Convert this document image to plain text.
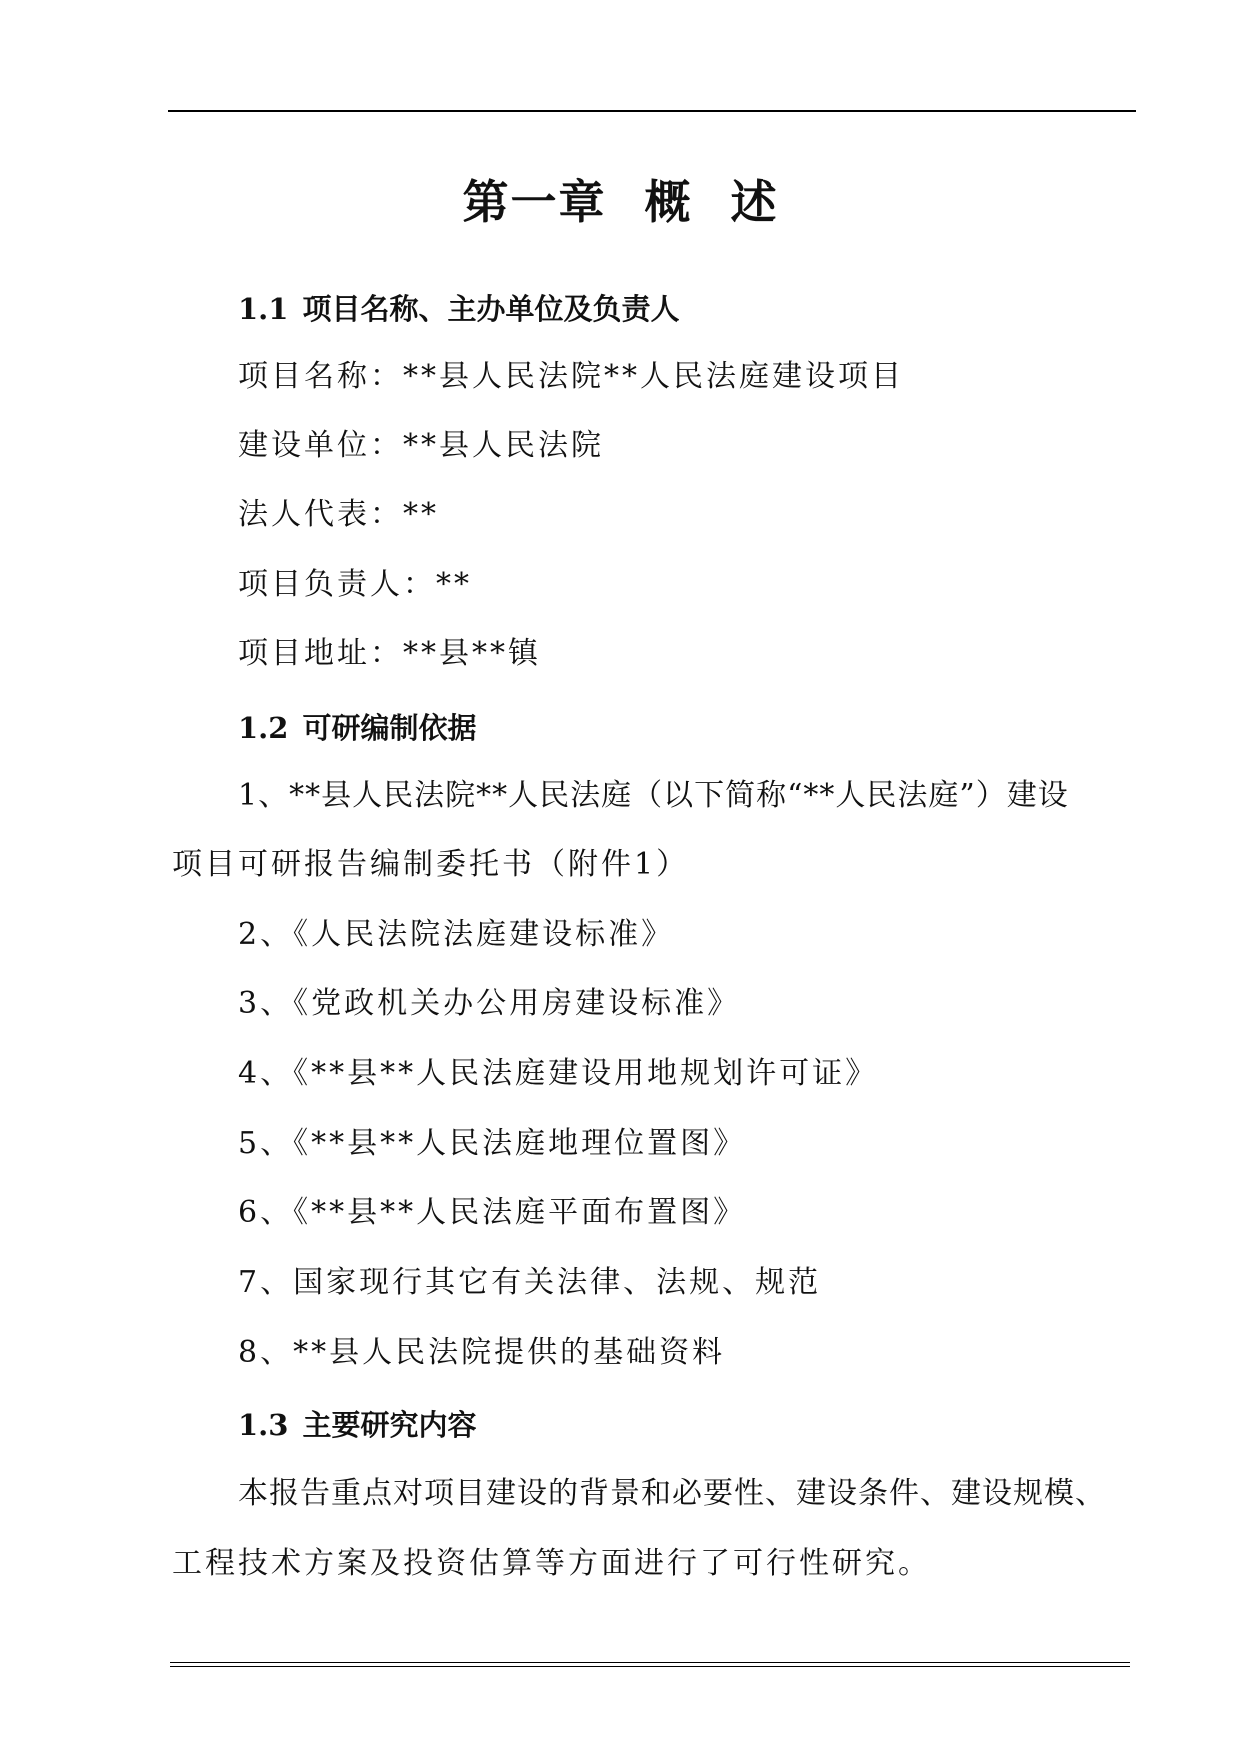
第一章 概 述
1.1 项目名称、主办单位及负责人
项目名称：**县人民法院**人民法庭建设项目
建设单位：**县人民法院
法人代表：**
项目负责人：**
项目地址：**县**镇
1.2 可研编制依据
1、**县人民法院**人民法庭（以下简称“**人民法庭”）建设
项目可研报告编制委托书（附件1）
2、《人民法院法庭建设标准》
3、《党政机关办公用房建设标准》
4、《**县**人民法庭建设用地规划许可证》
5、《**县**人民法庭地理位置图》
6、《**县**人民法庭平面布置图》
7、国家现行其它有关法律、法规、规范
8、**县人民法院提供的基础资料
1.3 主要研究内容
本报告重点对项目建设的背景和必要性、建设条件、建设规模、
工程技术方案及投资估算等方面进行了可行性研究。
